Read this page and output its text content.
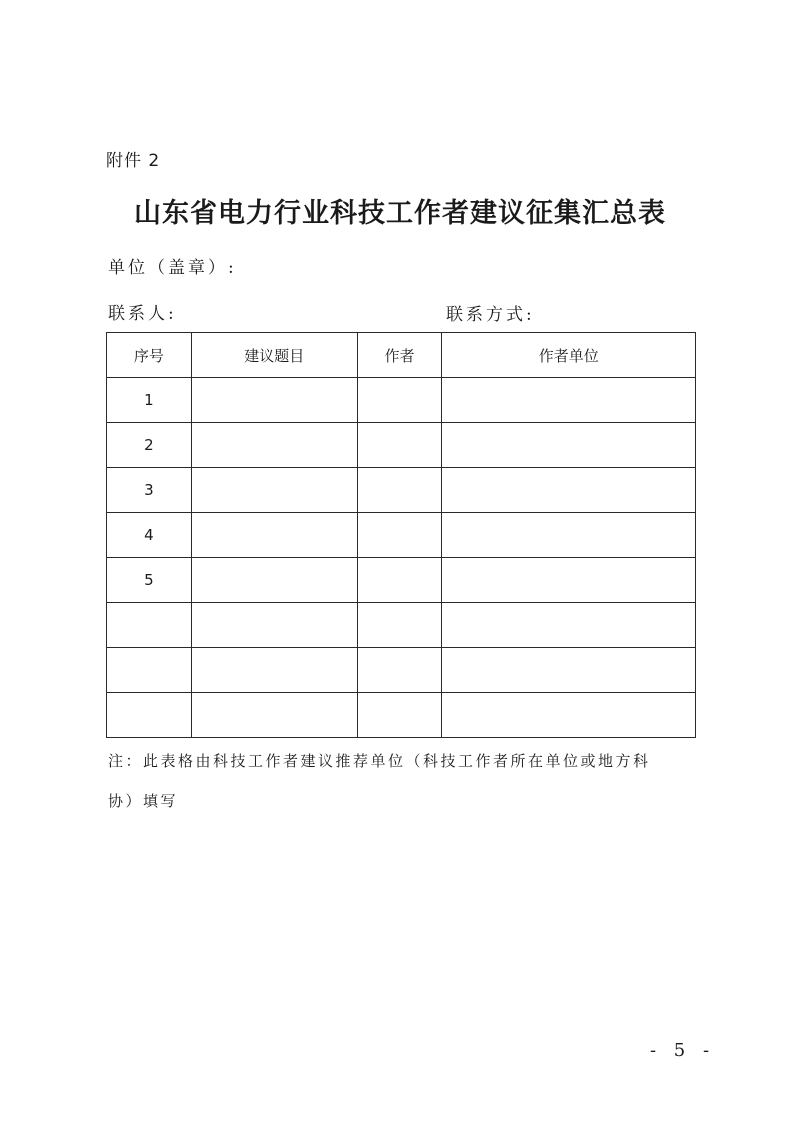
附件 2
山东省电力行业科技工作者建议征集汇总表
单位（盖章）:
联系人:	联系方式:
序号	建议题目	作者	作者单位
1			
2			
3			
4			
5			

注：此表格由科技工作者建议推荐单位（科技工作者所在单位或地方科
协）填写
- 5 -
